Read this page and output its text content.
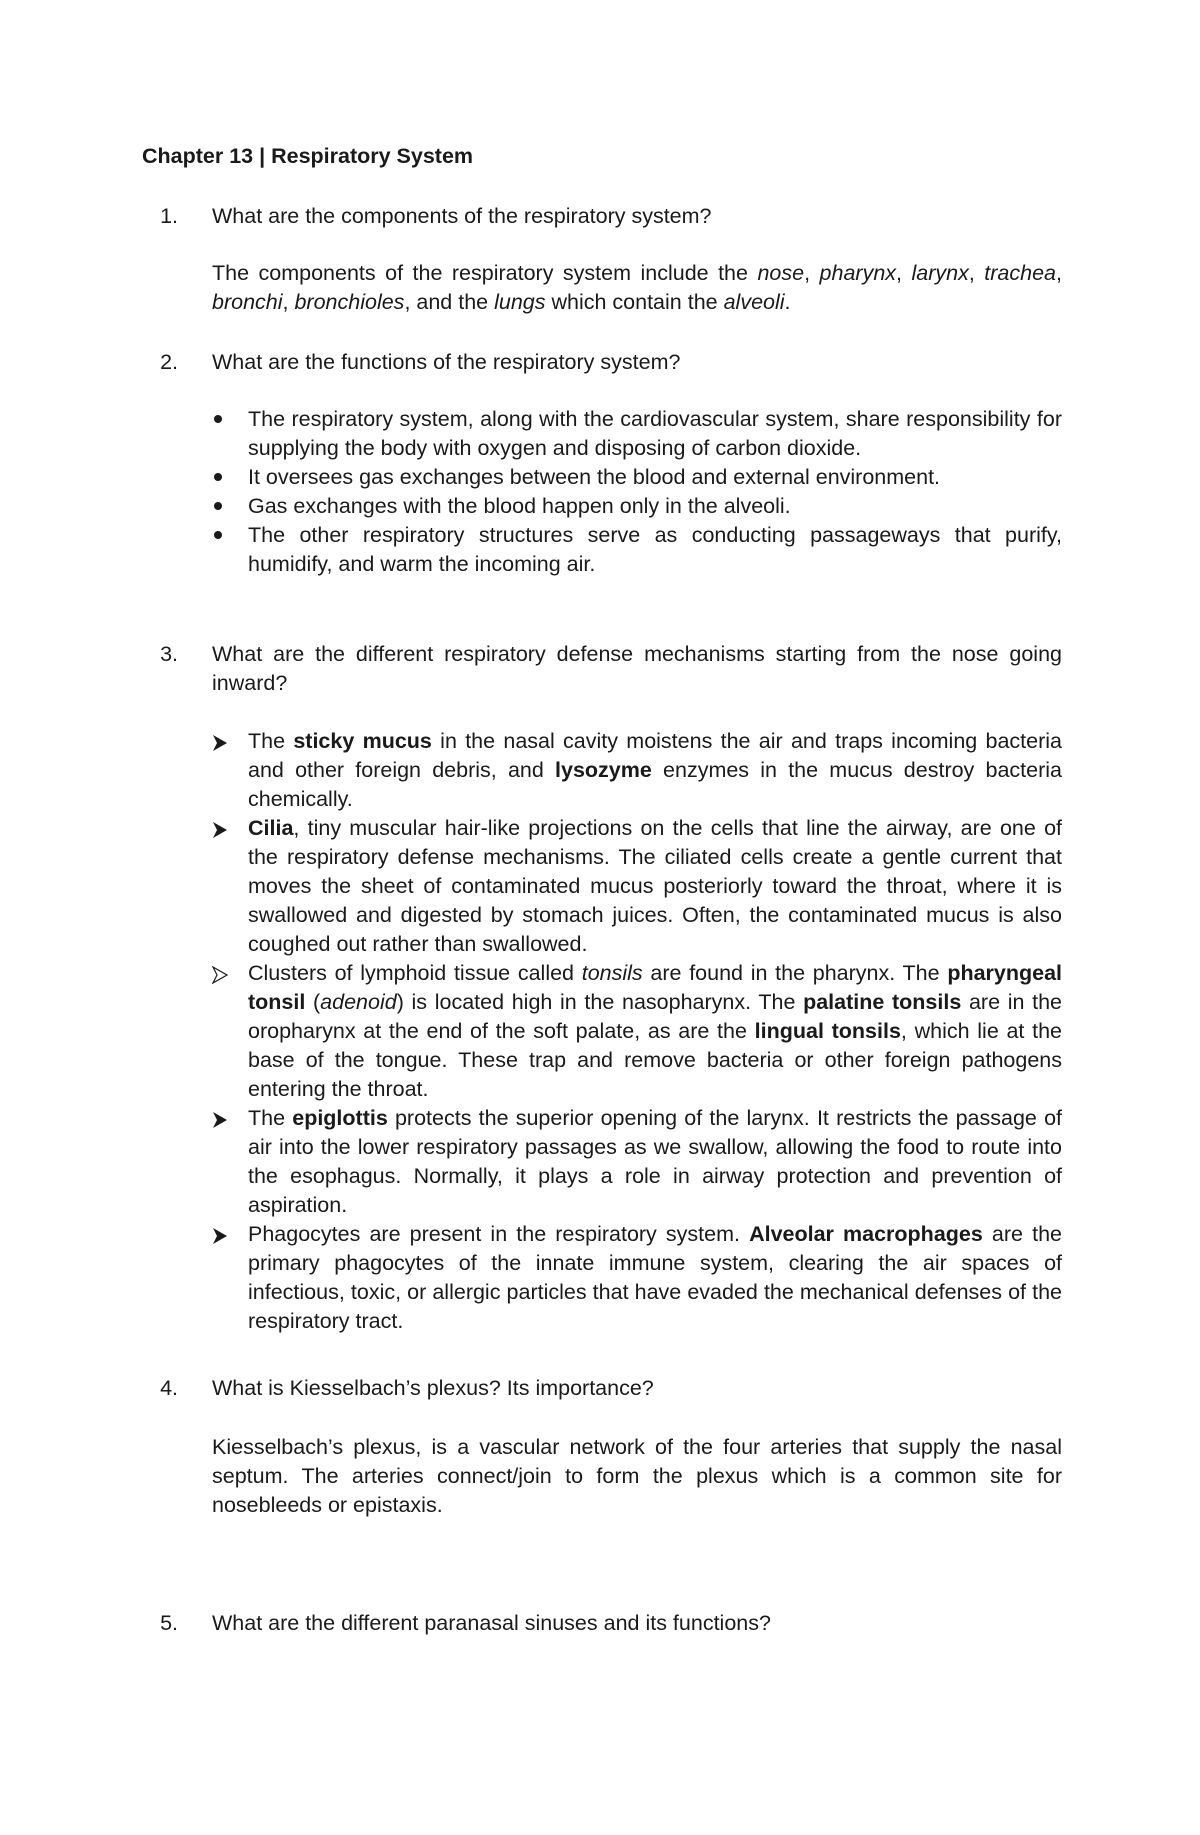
Chapter 13 | Respiratory System
1. What are the components of the respiratory system?
The components of the respiratory system include the nose, pharynx, larynx, trachea, bronchi, bronchioles, and the lungs which contain the alveoli.
2. What are the functions of the respiratory system?
The respiratory system, along with the cardiovascular system, share responsibility for supplying the body with oxygen and disposing of carbon dioxide.
It oversees gas exchanges between the blood and external environment.
Gas exchanges with the blood happen only in the alveoli.
The other respiratory structures serve as conducting passageways that purify, humidify, and warm the incoming air.
3. What are the different respiratory defense mechanisms starting from the nose going inward?
The sticky mucus in the nasal cavity moistens the air and traps incoming bacteria and other foreign debris, and lysozyme enzymes in the mucus destroy bacteria chemically.
Cilia, tiny muscular hair-like projections on the cells that line the airway, are one of the respiratory defense mechanisms. The ciliated cells create a gentle current that moves the sheet of contaminated mucus posteriorly toward the throat, where it is swallowed and digested by stomach juices. Often, the contaminated mucus is also coughed out rather than swallowed.
Clusters of lymphoid tissue called tonsils are found in the pharynx. The pharyngeal tonsil (adenoid) is located high in the nasopharynx. The palatine tonsils are in the oropharynx at the end of the soft palate, as are the lingual tonsils, which lie at the base of the tongue. These trap and remove bacteria or other foreign pathogens entering the throat.
The epiglottis protects the superior opening of the larynx. It restricts the passage of air into the lower respiratory passages as we swallow, allowing the food to route into the esophagus. Normally, it plays a role in airway protection and prevention of aspiration.
Phagocytes are present in the respiratory system. Alveolar macrophages are the primary phagocytes of the innate immune system, clearing the air spaces of infectious, toxic, or allergic particles that have evaded the mechanical defenses of the respiratory tract.
4. What is Kiesselbach’s plexus? Its importance?
Kiesselbach’s plexus, is a vascular network of the four arteries that supply the nasal septum. The arteries connect/join to form the plexus which is a common site for nosebleeds or epistaxis.
5. What are the different paranasal sinuses and its functions?
